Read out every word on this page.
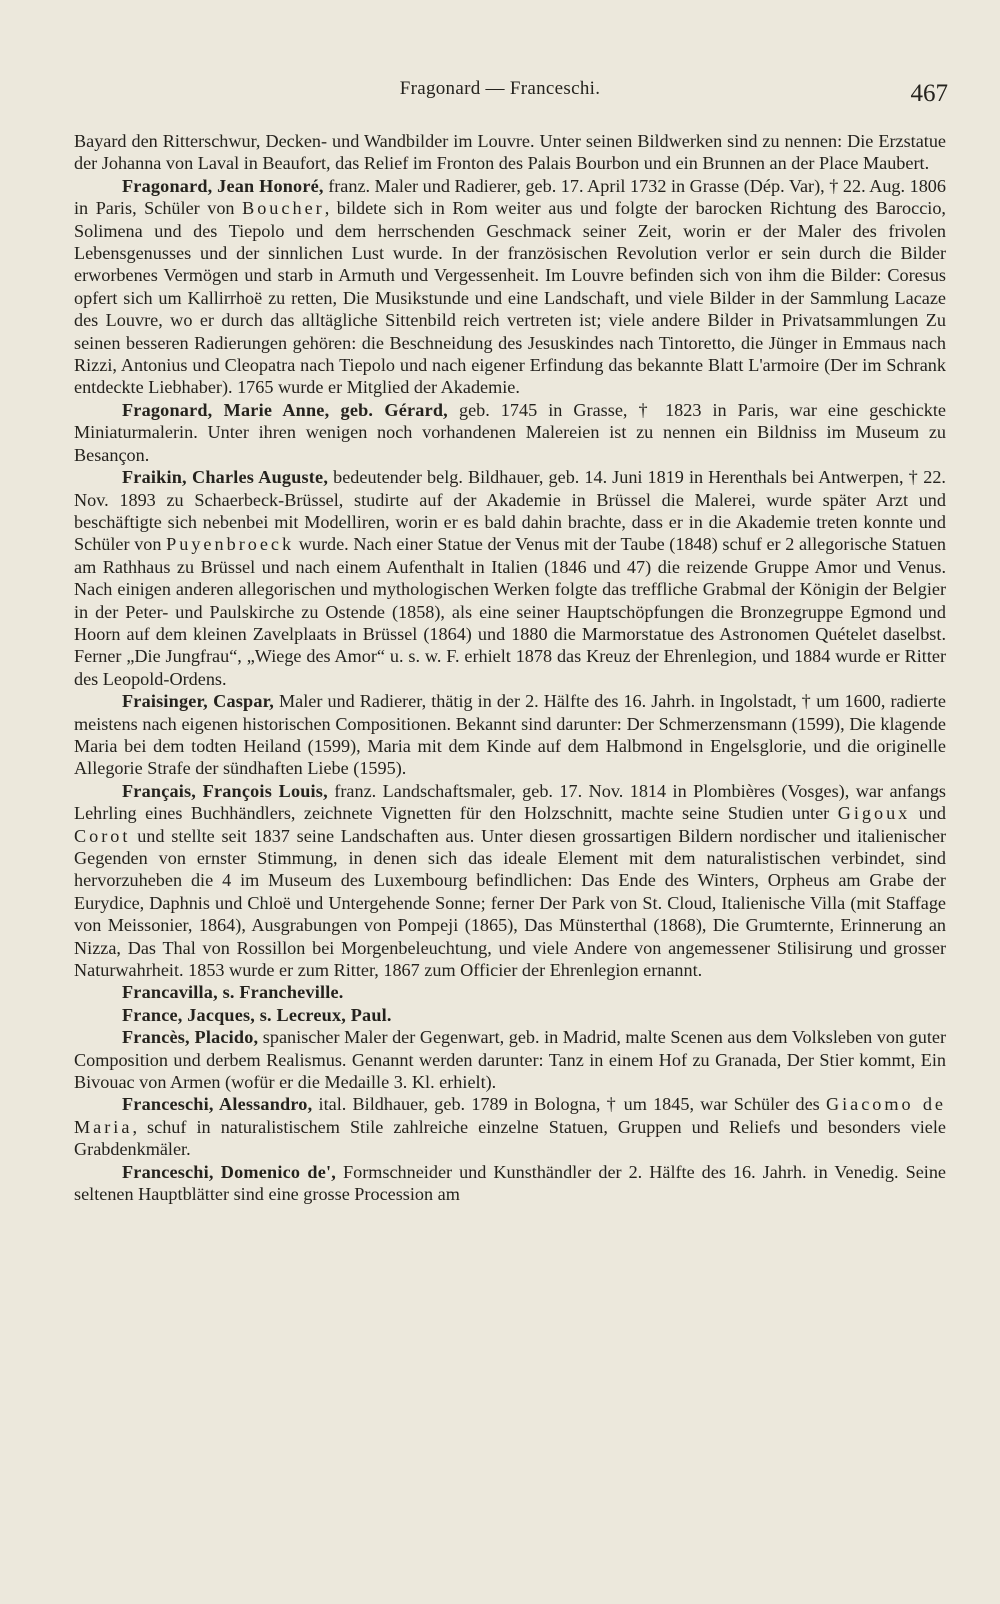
Fragonard — Franceschi.	467

Bayard den Ritterschwur, Decken- und Wandbilder im Louvre. Unter seinen Bildwerken sind zu nennen: Die Erzstatue der Johanna von Laval in Beaufort, das Relief im Fronton des Palais Bourbon und ein Brunnen an der Place Maubert.

Fragonard, Jean Honoré, franz. Maler und Radierer, geb. 17. April 1732 in Grasse (Dép. Var), † 22. Aug. 1806 in Paris, Schüler von Boucher, bildete sich in Rom weiter aus und folgte der barocken Richtung des Baroccio, Solimena und des Tiepolo und dem herrschenden Geschmack seiner Zeit, worin er der Maler des frivolen Lebensgenusses und der sinnlichen Lust wurde. In der französischen Revolution verlor er sein durch die Bilder erworbenes Vermögen und starb in Armuth und Vergessenheit. Im Louvre befinden sich von ihm die Bilder: Coresus opfert sich um Kallirrhoë zu retten, Die Musikstunde und eine Landschaft, und viele Bilder in der Sammlung Lacaze des Louvre, wo er durch das alltägliche Sittenbild reich vertreten ist; viele andere Bilder in Privatsammlungen Zu seinen besseren Radierungen gehören: die Beschneidung des Jesuskindes nach Tintoretto, die Jünger in Emmaus nach Rizzi, Antonius und Cleopatra nach Tiepolo und nach eigener Erfindung das bekannte Blatt L'armoire (Der im Schrank entdeckte Liebhaber). 1765 wurde er Mitglied der Akademie.

Fragonard, Marie Anne, geb. Gérard, geb. 1745 in Grasse, † 1823 in Paris, war eine geschickte Miniaturmalerin. Unter ihren wenigen noch vorhandenen Malereien ist zu nennen ein Bildniss im Museum zu Besançon.

Fraikin, Charles Auguste, bedeutender belg. Bildhauer, geb. 14. Juni 1819 in Herenthals bei Antwerpen, † 22. Nov. 1893 zu Schaerbeck-Brüssel, studirte auf der Akademie in Brüssel die Malerei, wurde später Arzt und beschäftigte sich nebenbei mit Modelliren, worin er es bald dahin brachte, dass er in die Akademie treten konnte und Schüler von Puyenbroeck wurde. Nach einer Statue der Venus mit der Taube (1848) schuf er 2 allegorische Statuen am Rathhaus zu Brüssel und nach einem Aufenthalt in Italien (1846 und 47) die reizende Gruppe Amor und Venus. Nach einigen anderen allegorischen und mythologischen Werken folgte das treffliche Grabmal der Königin der Belgier in der Peter- und Paulskirche zu Ostende (1858), als eine seiner Hauptschöpfungen die Bronzegruppe Egmond und Hoorn auf dem kleinen Zavelplaats in Brüssel (1864) und 1880 die Marmorstatue des Astronomen Quételet daselbst. Ferner „Die Jungfrau“, „Wiege des Amor“ u. s. w. F. erhielt 1878 das Kreuz der Ehrenlegion, und 1884 wurde er Ritter des Leopold-Ordens.

Fraisinger, Caspar, Maler und Radierer, thätig in der 2. Hälfte des 16. Jahrh. in Ingolstadt, † um 1600, radierte meistens nach eigenen historischen Compositionen. Bekannt sind darunter: Der Schmerzensmann (1599), Die klagende Maria bei dem todten Heiland (1599), Maria mit dem Kinde auf dem Halbmond in Engelsglorie, und die originelle Allegorie Strafe der sündhaften Liebe (1595).

Français, François Louis, franz. Landschaftsmaler, geb. 17. Nov. 1814 in Plombières (Vosges), war anfangs Lehrling eines Buchhändlers, zeichnete Vignetten für den Holzschnitt, machte seine Studien unter Gigoux und Corot und stellte seit 1837 seine Landschaften aus. Unter diesen grossartigen Bildern nordischer und italienischer Gegenden von ernster Stimmung, in denen sich das ideale Element mit dem naturalistischen verbindet, sind hervorzuheben die 4 im Museum des Luxembourg befindlichen: Das Ende des Winters, Orpheus am Grabe der Eurydice, Daphnis und Chloë und Untergehende Sonne; ferner Der Park von St. Cloud, Italienische Villa (mit Staffage von Meissonier, 1864), Ausgrabungen von Pompeji (1865), Das Münsterthal (1868), Die Grumternte, Erinnerung an Nizza, Das Thal von Rossillon bei Morgenbeleuchtung, und viele Andere von angemessener Stilisirung und grosser Naturwahrheit. 1853 wurde er zum Ritter, 1867 zum Officier der Ehrenlegion ernannt.

Francavilla, s. Francheville.

France, Jacques, s. Lecreux, Paul.

Francès, Placido, spanischer Maler der Gegenwart, geb. in Madrid, malte Scenen aus dem Volksleben von guter Composition und derbem Realismus. Genannt werden darunter: Tanz in einem Hof zu Granada, Der Stier kommt, Ein Bivouac von Armen (wofür er die Medaille 3. Kl. erhielt).

Franceschi, Alessandro, ital. Bildhauer, geb. 1789 in Bologna, † um 1845, war Schüler des Giacomo de Maria, schuf in naturalistischem Stile zahlreiche einzelne Statuen, Gruppen und Reliefs und besonders viele Grabdenkmäler.

Franceschi, Domenico de', Formschneider und Kunsthändler der 2. Hälfte des 16. Jahrh. in Venedig. Seine seltenen Hauptblätter sind eine grosse Procession am
